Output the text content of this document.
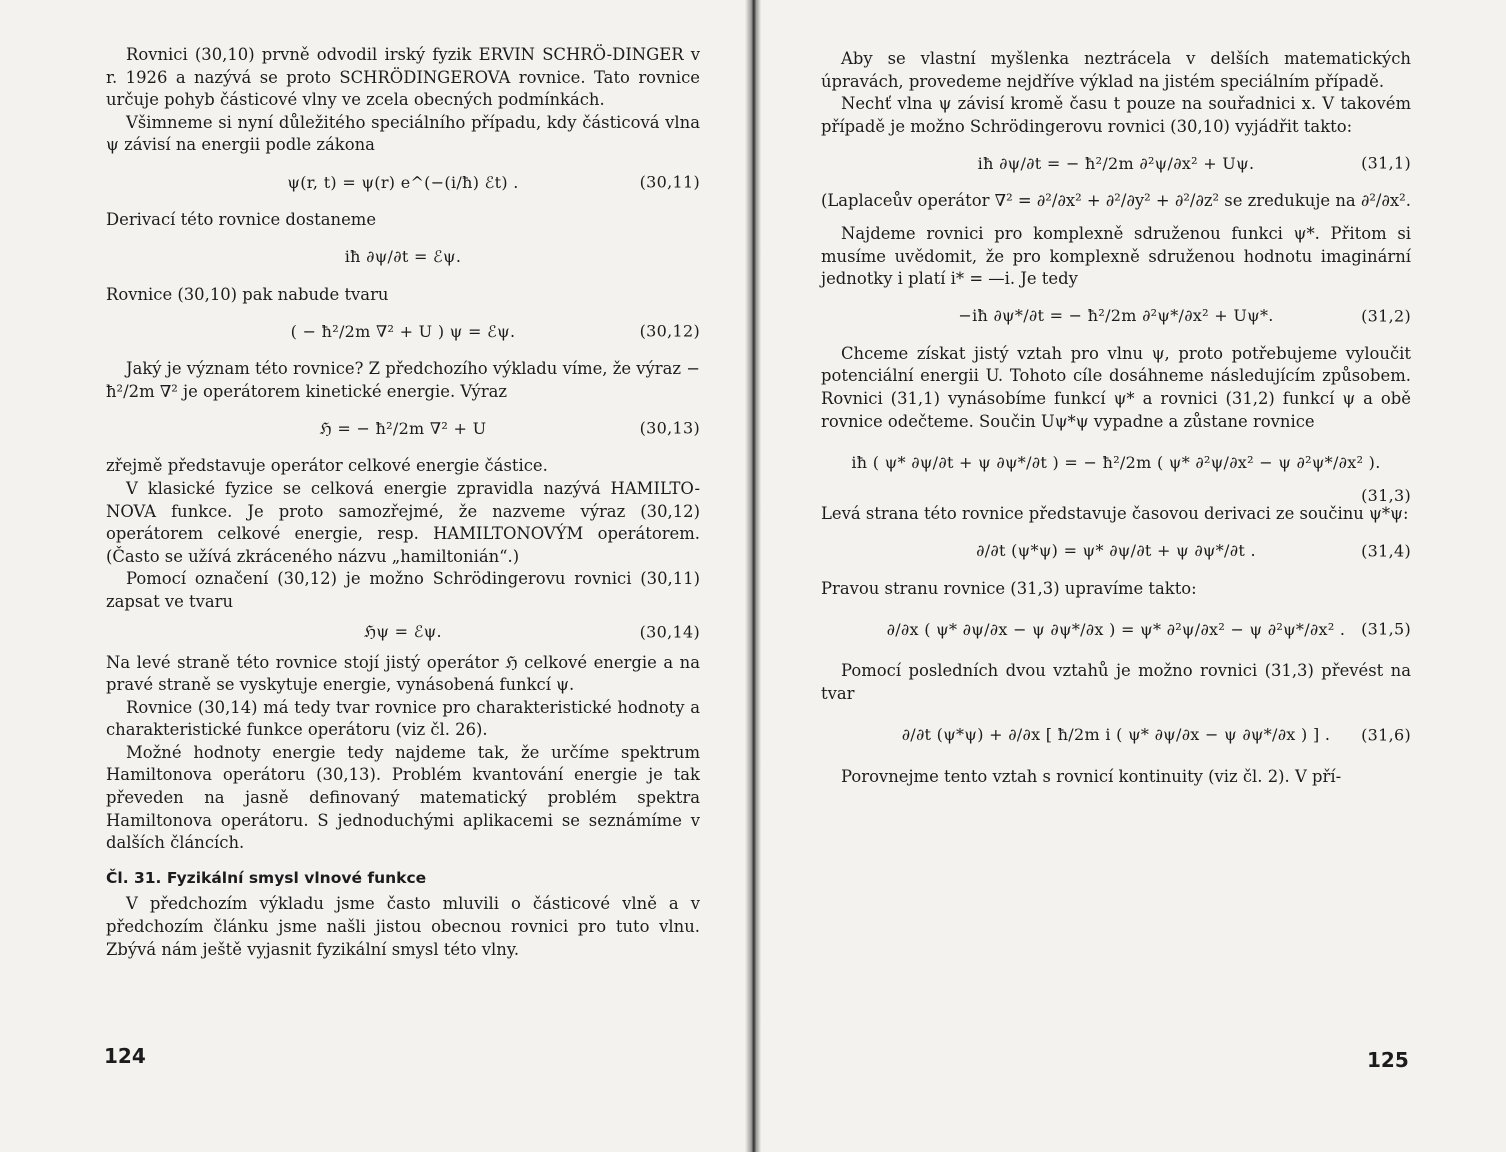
Rovnici (30,10) prvně odvodil irský fyzik ERVIN SCHRÖ-DINGER v r. 1926 a nazývá se proto SCHRÖDINGEROVA rovnice. Tato rovnice určuje pohyb částicové vlny ve zcela obecných podmínkách.

Všimneme si nyní důležitého speciálního případu, kdy částicová vlna ψ závisí na energii podle zákona

ψ(r, t) = ψ(r) e^(−(i/ħ) ℰt) .	(30,11)

Derivací této rovnice dostaneme

iħ ∂ψ/∂t = ℰψ.

Rovnice (30,10) pak nabude tvaru

( − ħ²/2m ∇² + U ) ψ = ℰψ.	(30,12)

Jaký je význam této rovnice? Z předchozího výkladu víme, že výraz − ħ²/2m ∇² je operátorem kinetické energie. Výraz

ℌ = − ħ²/2m ∇² + U	(30,13)

zřejmě představuje operátor celkové energie částice.

V klasické fyzice se celková energie zpravidla nazývá HAMILTO-NOVA funkce. Je proto samozřejmé, že nazveme výraz (30,12) operátorem celkové energie, resp. HAMILTONOVÝM operátorem. (Často se užívá zkráceného názvu „hamiltonián“.)

Pomocí označení (30,12) je možno Schrödingerovu rovnici (30,11) zapsat ve tvaru

ℌψ = ℰψ.	(30,14)

Na levé straně této rovnice stojí jistý operátor ℌ celkové energie a na pravé straně se vyskytuje energie, vynásobená funkcí ψ.

Rovnice (30,14) má tedy tvar rovnice pro charakteristické hodnoty a charakteristické funkce operátoru (viz čl. 26).

Možné hodnoty energie tedy najdeme tak, že určíme spektrum Hamiltonova operátoru (30,13). Problém kvantování energie je tak převeden na jasně definovaný matematický problém spektra Hamiltonova operátoru. S jednoduchými aplikacemi se seznámíme v dalších článcích.

Čl. 31. Fyzikální smysl vlnové funkce

V předchozím výkladu jsme často mluvili o částicové vlně a v předchozím článku jsme našli jistou obecnou rovnici pro tuto vlnu. Zbývá nám ještě vyjasnit fyzikální smysl této vlny.

124

Aby se vlastní myšlenka neztrácela v delších matematických úpravách, provedeme nejdříve výklad na jistém speciálním případě.

Nechť vlna ψ závisí kromě času t pouze na souřadnici x. V takovém případě je možno Schrödingerovu rovnici (30,10) vyjádřit takto:

iħ ∂ψ/∂t = − ħ²/2m ∂²ψ/∂x² + Uψ.	(31,1)

(Laplaceův operátor ∇² = ∂²/∂x² + ∂²/∂y² + ∂²/∂z² se zredukuje na ∂²/∂x².

Najdeme rovnici pro komplexně sdruženou funkci ψ*. Přitom si musíme uvědomit, že pro komplexně sdruženou hodnotu imaginární jednotky i platí i* = —i. Je tedy

−iħ ∂ψ*/∂t = − ħ²/2m ∂²ψ*/∂x² + Uψ*.	(31,2)

Chceme získat jistý vztah pro vlnu ψ, proto potřebujeme vyloučit potenciální energii U. Tohoto cíle dosáhneme následujícím způsobem. Rovnici (31,1) vynásobíme funkcí ψ* a rovnici (31,2) funkcí ψ a obě rovnice odečteme. Součin Uψ*ψ vypadne a zůstane rovnice

iħ ( ψ* ∂ψ/∂t + ψ ∂ψ*/∂t ) = − ħ²/2m ( ψ* ∂²ψ/∂x² − ψ ∂²ψ*/∂x² ).
(31,3)

Levá strana této rovnice představuje časovou derivaci ze součinu ψ*ψ:

∂/∂t (ψ*ψ) = ψ* ∂ψ/∂t + ψ ∂ψ*/∂t .	(31,4)

Pravou stranu rovnice (31,3) upravíme takto:

∂/∂x ( ψ* ∂ψ/∂x − ψ ∂ψ*/∂x ) = ψ* ∂²ψ/∂x² − ψ ∂²ψ*/∂x² . (31,5)

Pomocí posledních dvou vztahů je možno rovnici (31,3) převést na tvar

∂/∂t (ψ*ψ) + ∂/∂x [ ħ/2m i ( ψ* ∂ψ/∂x − ψ ∂ψ*/∂x ) ] . (31,6)

Porovnejme tento vztah s rovnicí kontinuity (viz čl. 2). V pří-

125
